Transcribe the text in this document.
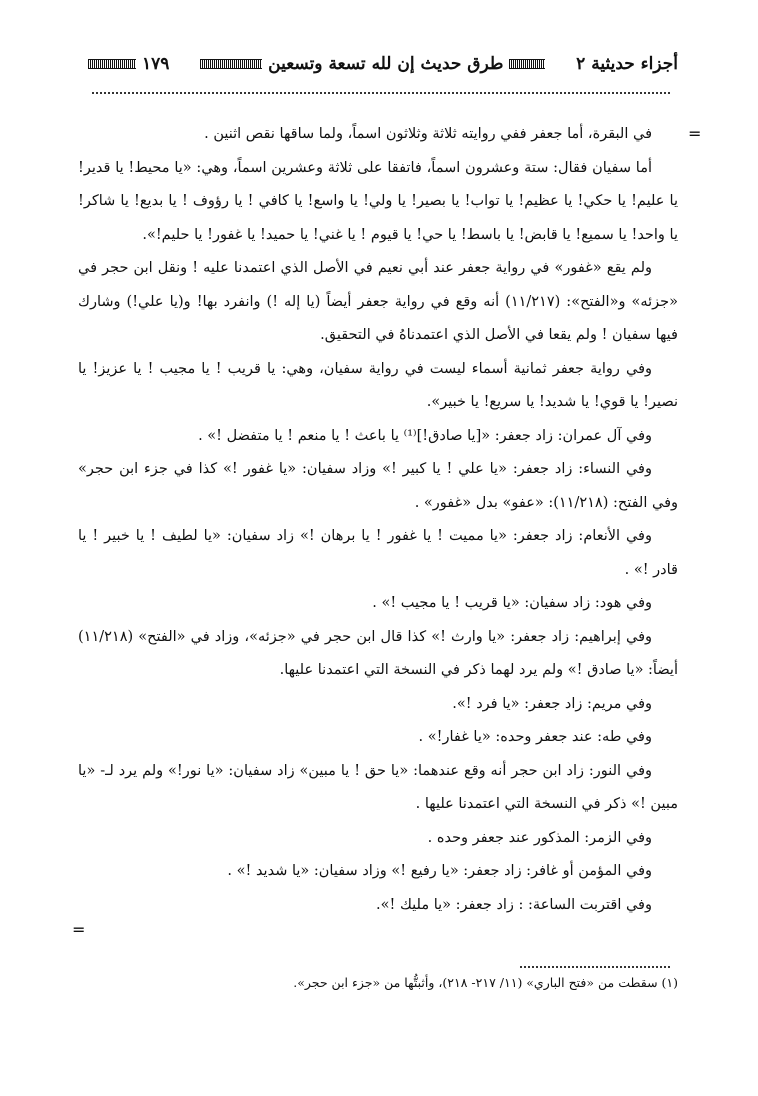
أجزاء حديثية ٢
طرق حديث إن لله تسعة وتسعين
١٧٩
=
=

في البقرة، أما جعفر ففي روايته ثلاثة وثلاثون اسماً، ولما ساقها نقص اثنين .

أما سفيان فقال: ستة وعشرون اسماً، فاتفقا على ثلاثة وعشرين اسماً، وهي: «يا محيط! يا قدير! يا عليم! يا حكي! يا عظيم! يا تواب! يا بصير! يا ولي! يا واسع! يا كافي ! يا رؤوف ! يا بديع! يا شاكر! يا واحد! يا سميع! يا قابض! يا باسط! يا حي! يا قيوم ! يا غني! يا حميد! يا غفور! يا حليم!».

ولم يقع «غفور» في رواية جعفر عند أبي نعيم في الأصل الذي اعتمدنا عليه ! ونقل ابن حجر في «جزئه» و«الفتح»: (١١/٢١٧) أنه وقع في رواية جعفر أيضاً (يا إله !) وانفرد بها! و(يا علي!) وشارك فيها سفيان ! ولم يقعا في الأصل الذي اعتمدناهُ في التحقيق.

وفي رواية جعفر ثمانية أسماء ليست في رواية سفيان، وهي: يا قريب ! يا مجيب ! يا عزيز! يا نصير! يا قوي! يا شديد! يا سريع! يا خبير».

وفي آل عمران: زاد جعفر: «[يا صادق!]⁽¹⁾ يا باعث ! يا منعم ! يا متفضل !» .

وفي النساء: زاد جعفر: «يا علي ! يا كبير !» وزاد سفيان: «يا غفور !» كذا في جزء ابن حجر» وفي الفتح: (١١/٢١٨): «عفو» بدل «غفور» .

وفي الأنعام: زاد جعفر: «يا مميت ! يا غفور ! يا برهان !» زاد سفيان: «يا لطيف ! يا خبير ! يا قادر !» .

وفي هود: زاد سفيان: «يا قريب ! يا مجيب !» .

وفي إبراهيم: زاد جعفر: «يا وارث !» كذا قال ابن حجر في «جزئه»، وزاد في «الفتح» (١١/٢١٨) أيضاً: «يا صادق !» ولم يرد لهما ذكر في النسخة التي اعتمدنا عليها.

وفي مريم: زاد جعفر: «يا فرد !».

وفي طه: عند جعفر وحده: «يا غفار!» .

وفي النور: زاد ابن حجر أنه وقع عندهما: «يا حق ! يا مبين» زاد سفيان: «يا نور!» ولم يرد لـ- «يا مبين !» ذكر في النسخة التي اعتمدنا عليها .

وفي الزمر: المذكور عند جعفر وحده .

وفي المؤمن أو غافر: زاد جعفر: «يا رفيع !» وزاد سفيان: «يا شديد !» .

وفي اقتربت الساعة: : زاد جعفر: «يا مليك !».

(١) سقطت من «فتح الباري» (١١/ ٢١٧- ٢١٨)، وأثبتُّها من «جزء ابن حجر».
